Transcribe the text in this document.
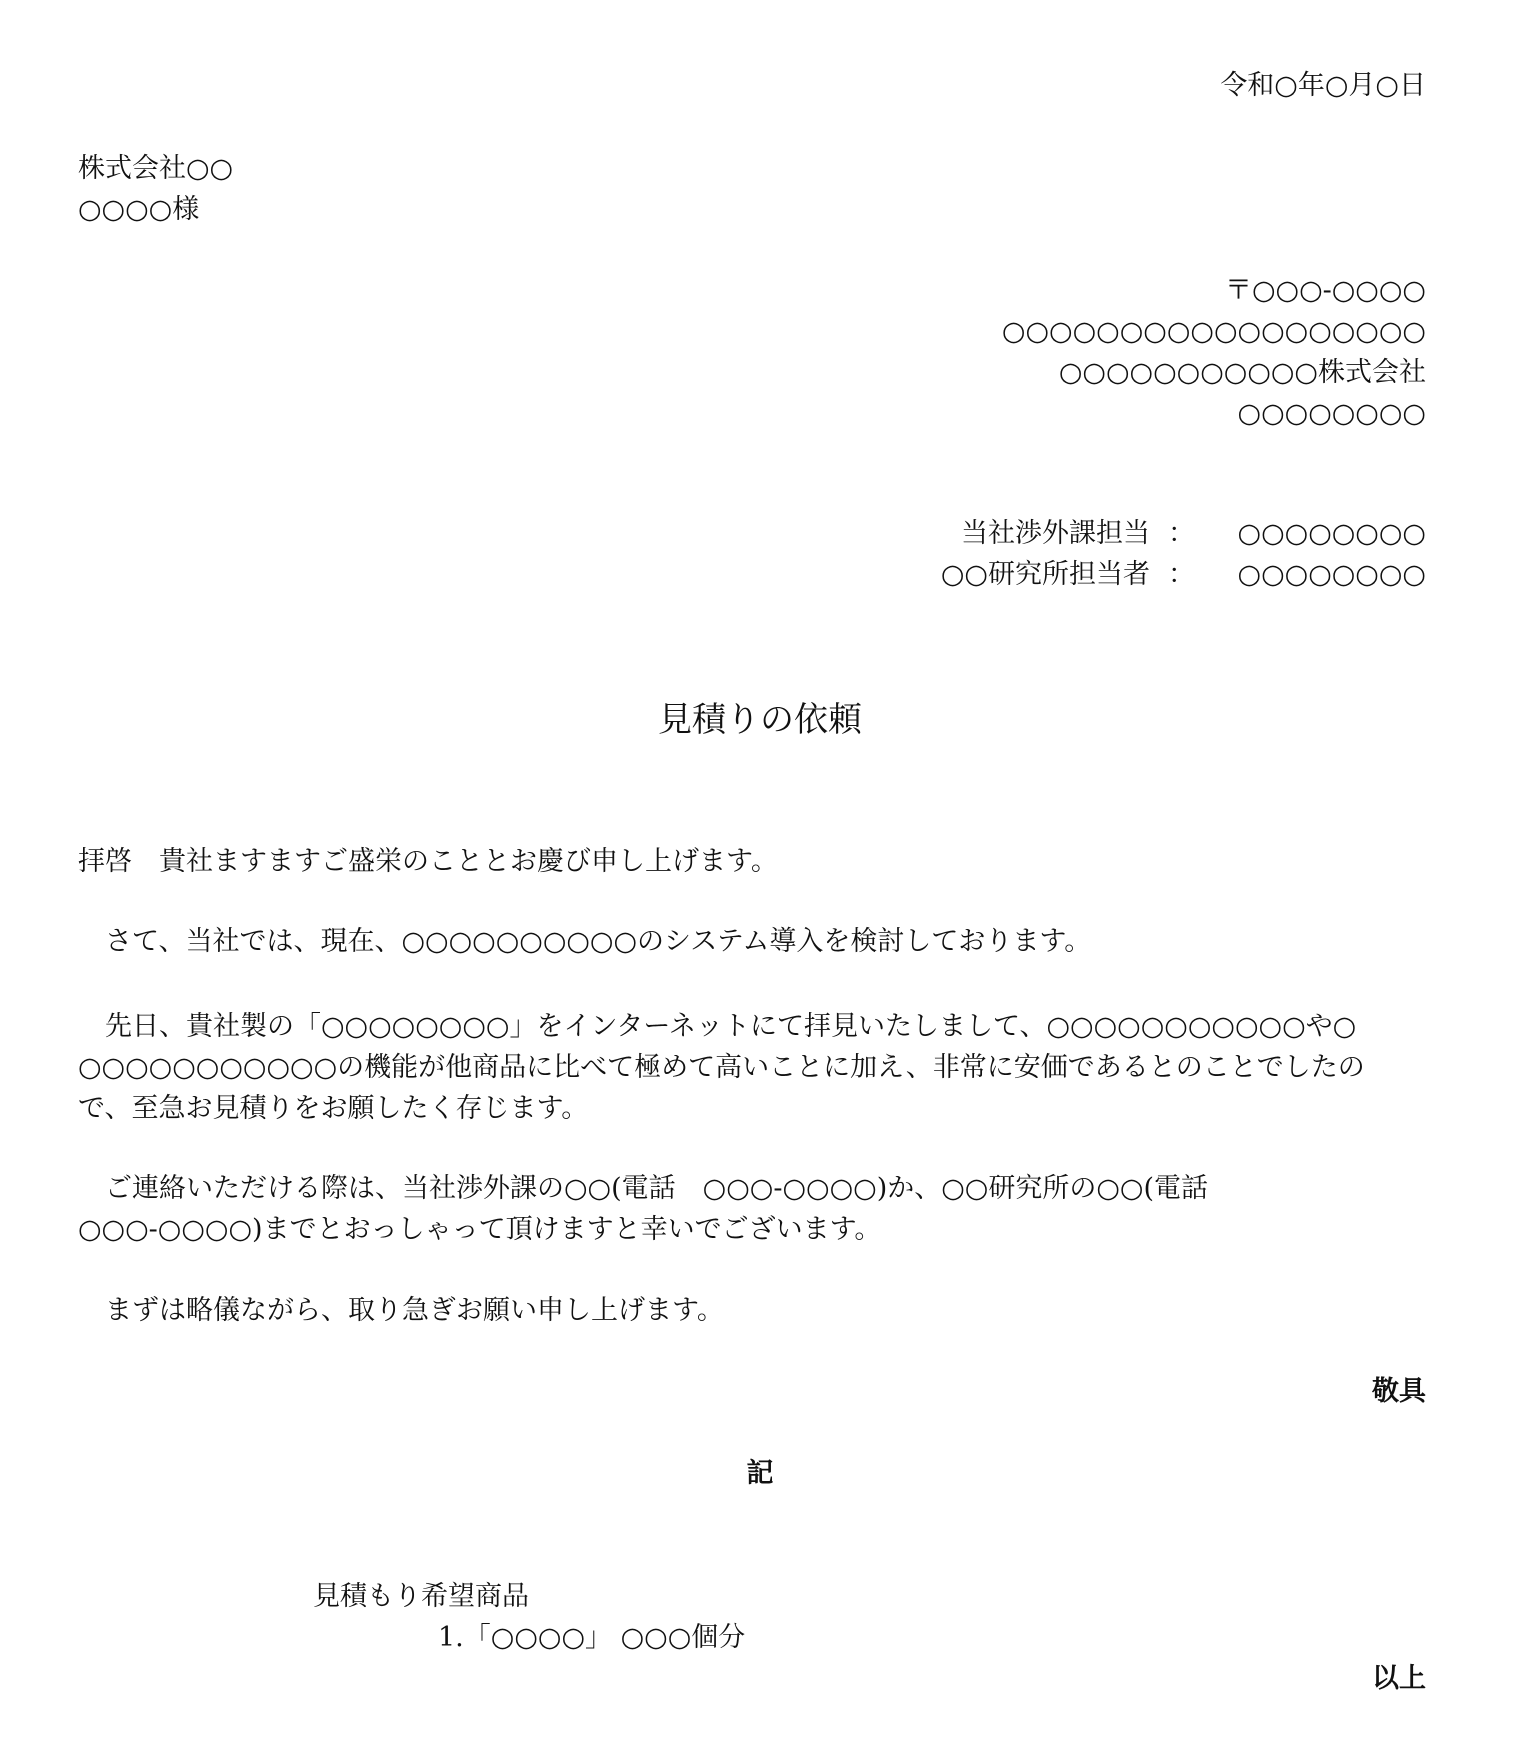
令和○年○月○日
株式会社○○
○○○○様
〒○○○-○○○○
○○○○○○○○○○○○○○○○○○
○○○○○○○○○○○株式会社
○○○○○○○○
当社渉外課担当 ： ○○○○○○○○
○○研究所担当者 ： ○○○○○○○○
見積りの依頼
拝啓　貴社ますますご盛栄のこととお慶び申し上げます。
　さて、当社では、現在、○○○○○○○○○○のシステム導入を検討しております。
　先日、貴社製の「○○○○○○○○」をインターネットにて拝見いたしまして、○○○○○○○○○○○や○
○○○○○○○○○○○の機能が他商品に比べて極めて高いことに加え、非常に安価であるとのことでしたの
で、至急お見積りをお願したく存じます。
　ご連絡いただける際は、当社渉外課の○○(電話　○○○-○○○○)か、○○研究所の○○(電話
○○○-○○○○)までとおっしゃって頂けますと幸いでございます。
　まずは略儀ながら、取り急ぎお願い申し上げます。
敬具
記
見積もり希望商品
1.「○○○○」 ○○○個分
以上
